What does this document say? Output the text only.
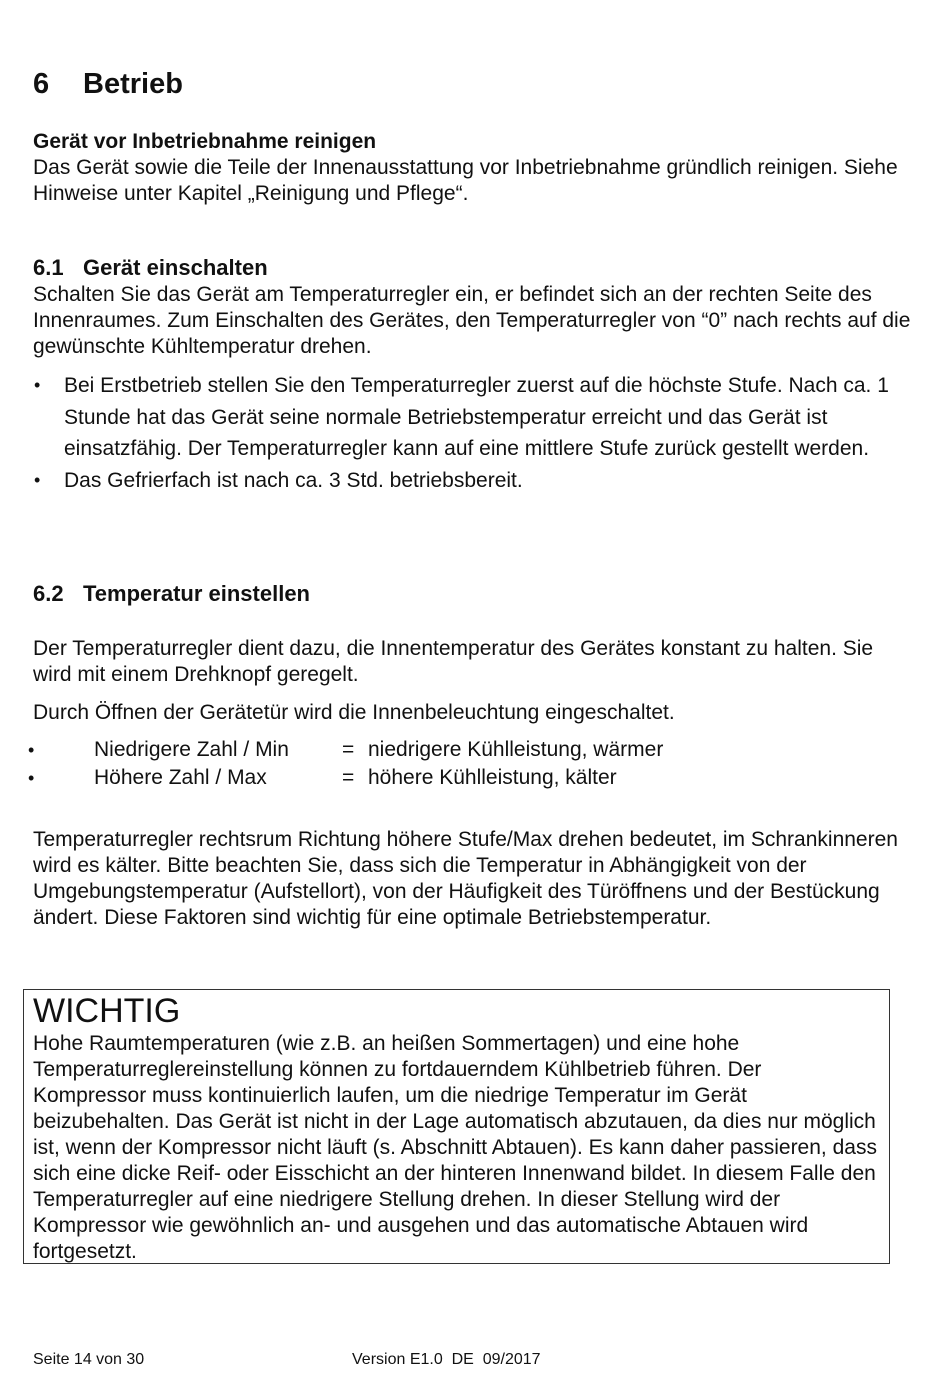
6 Betrieb

Gerät vor Inbetriebnahme reinigen
Das Gerät sowie die Teile der Innenausstattung vor Inbetriebnahme gründlich reinigen. Siehe Hinweise unter Kapitel „Reinigung und Pflege“.

6.1 Gerät einschalten

Schalten Sie das Gerät am Temperaturregler ein, er befindet sich an der rechten Seite des Innenraumes. Zum Einschalten des Gerätes, den Temperaturregler von “0” nach rechts auf die gewünschte Kühltemperatur drehen.

• Bei Erstbetrieb stellen Sie den Temperaturregler zuerst auf die höchste Stufe. Nach ca. 1 Stunde hat das Gerät seine normale Betriebstemperatur erreicht und das Gerät ist einsatzfähig. Der Temperaturregler kann auf eine mittlere Stufe zurück gestellt werden.
• Das Gefrierfach ist nach ca. 3 Std. betriebsbereit.
6.2 Temperatur einstellen

Der Temperaturregler dient dazu, die Innentemperatur des Gerätes konstant zu halten. Sie wird mit einem Drehknopf geregelt.

Durch Öffnen der Gerätetür wird die Innenbeleuchtung eingeschaltet.

•	Niedrigere Zahl / Min	= niedrigere Kühlleistung, wärmer
•	Höhere Zahl / Max	= höhere Kühlleistung, kälter

Temperaturregler rechtsrum Richtung höhere Stufe/Max drehen bedeutet, im Schrankinneren wird es kälter. Bitte beachten Sie, dass sich die Temperatur in Abhängigkeit von der Umgebungstemperatur (Aufstellort), von der Häufigkeit des Türöffnens und der Bestückung ändert. Diese Faktoren sind wichtig für eine optimale Betriebstemperatur.

WICHTIG

Hohe Raumtemperaturen (wie z.B. an heißen Sommertagen) und eine hohe Temperaturreglereinstellung können zu fortdauerndem Kühlbetrieb führen. Der Kompressor muss kontinuierlich laufen, um die niedrige Temperatur im Gerät beizubehalten. Das Gerät ist nicht in der Lage automatisch abzutauen, da dies nur möglich ist, wenn der Kompressor nicht läuft (s. Abschnitt Abtauen). Es kann daher passieren, dass sich eine dicke Reif- oder Eisschicht an der hinteren Innenwand bildet. In diesem Falle den Temperaturregler auf eine niedrigere Stellung drehen. In dieser Stellung wird der Kompressor wie gewöhnlich an- und ausgehen und das automatische Abtauen wird fortgesetzt.

Seite 14 von 30	Version E1.0  DE  09/2017
